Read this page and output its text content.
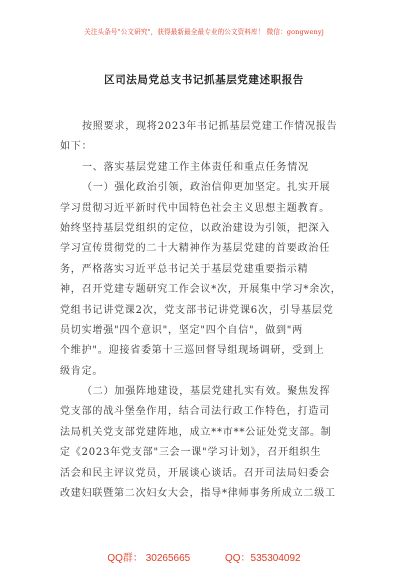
关注头条号"公文研究"，获得最新最全最专业的公文资料库！ 微信：gongwenyj
区司法局党总支书记抓基层党建述职报告
按照要求，现将2023年书记抓基层党建工作情况报告
如下：
一、落实基层党建工作主体责任和重点任务情况
（一）强化政治引领，政治信仰更加坚定。扎实开展
学习贯彻习近平新时代中国特色社会主义思想主题教育。
始终坚持基层党组织的定位，以政治建设为引领，把深入
学习宣传贯彻党的二十大精神作为基层党建的首要政治任
务，严格落实习近平总书记关于基层党建重要指示精
神，召开党建专题研究工作会议*次，开展集中学习*余次，
党组书记讲党课2次，党支部书记讲党课6次，引导基层党
员切实增强"四个意识"，坚定"四个自信"，做到"两
个维护"。迎接省委第十三巡回督导组现场调研，受到上
级肯定。
（二）加强阵地建设，基层党建扎实有效。聚焦发挥
党支部的战斗堡垒作用，结合司法行政工作特色，打造司
法局机关党支部党建阵地，成立**市**公证处党支部。制
定《2023年党支部"三会一课"学习计划》，召开组织生
活会和民主评议党员，开展谈心谈话。召开司法局妇委会
改建妇联暨第二次妇女大会，指导*律师事务所成立二级工
QQ群： 30265665	QQ：535304092
